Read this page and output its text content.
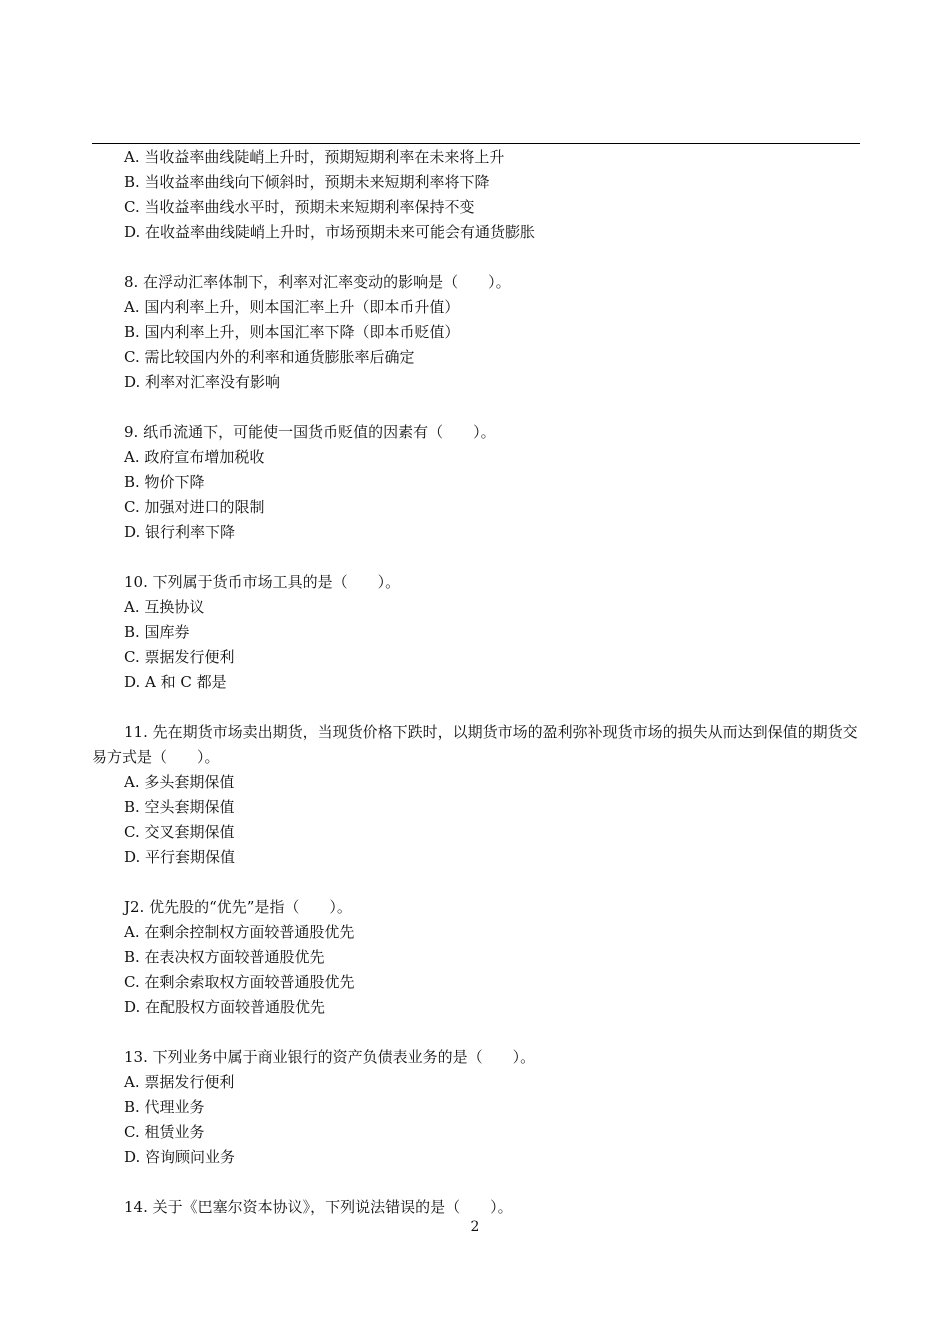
A. 当收益率曲线陡峭上升时，预期短期利率在未来将上升
B. 当收益率曲线向下倾斜时，预期未来短期利率将下降
C. 当收益率曲线水平时，预期未来短期利率保持不变
D. 在收益率曲线陡峭上升时，市场预期未来可能会有通货膨胀
8. 在浮动汇率体制下，利率对汇率变动的影响是（　　）。
A. 国内利率上升，则本国汇率上升（即本币升值）
B. 国内利率上升，则本国汇率下降（即本币贬值）
C. 需比较国内外的利率和通货膨胀率后确定
D. 利率对汇率没有影响
9. 纸币流通下，可能使一国货币贬值的因素有（　　）。
A. 政府宣布增加税收
B. 物价下降
C. 加强对进口的限制
D. 银行利率下降
10. 下列属于货币市场工具的是（　　）。
A. 互换协议
B. 国库券
C. 票据发行便利
D. A 和 C 都是
11. 先在期货市场卖出期货，当现货价格下跌时，以期货市场的盈利弥补现货市场的损失从而达到保值的期货交易方式是（　　）。
A. 多头套期保值
B. 空头套期保值
C. 交叉套期保值
D. 平行套期保值
J2. 优先股的“优先”是指（　　）。
A. 在剩余控制权方面较普通股优先
B. 在表决权方面较普通股优先
C. 在剩余索取权方面较普通股优先
D. 在配股权方面较普通股优先
13. 下列业务中属于商业银行的资产负债表业务的是（　　）。
A. 票据发行便利
B. 代理业务
C. 租赁业务
D. 咨询顾问业务
14. 关于《巴塞尔资本协议》，下列说法错误的是（　　）。
2
